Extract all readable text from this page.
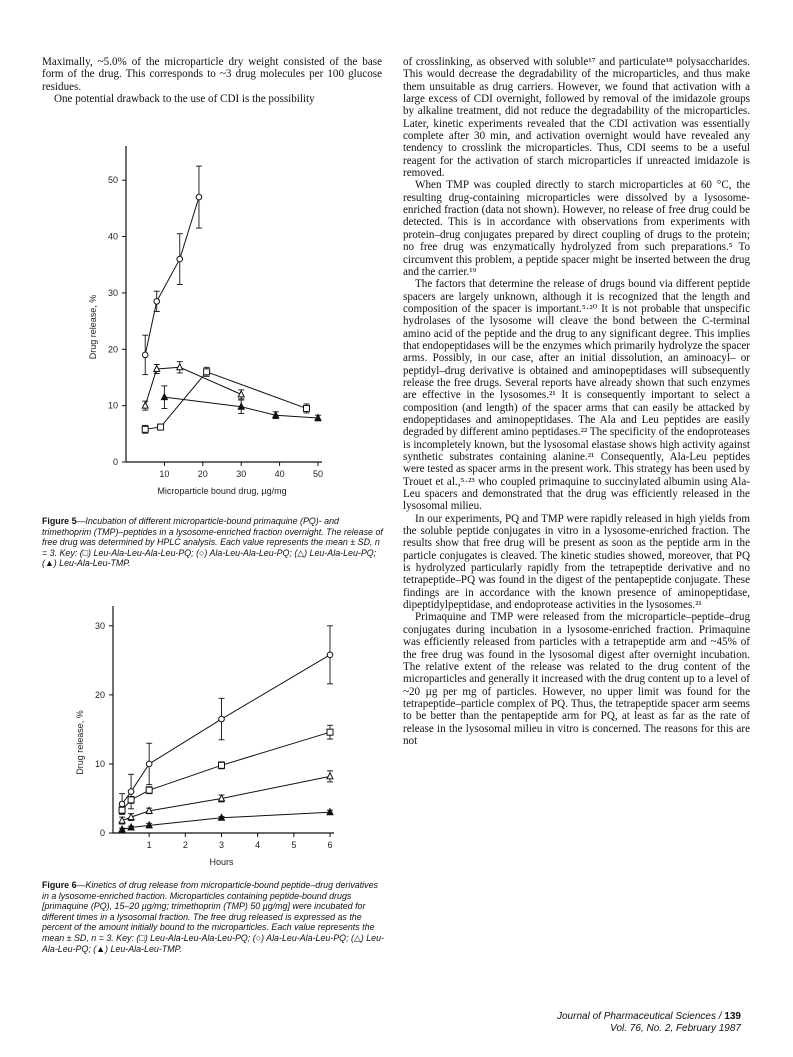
Maximally, ~5.0% of the microparticle dry weight consisted of the base form of the drug. This corresponds to ~3 drug molecules per 100 glucose residues.

One potential drawback to the use of CDI is the possibility

10	20	30	40	50
0
10
20
30
40
50
Microparticle bound drug, µg/mg
Drug release, %
Figure 5—Incubation of different microparticle-bound primaquine (PQ)- and trimethoprim (TMP)–peptides in a lysosome-enriched fraction overnight. The release of free drug was determined by HPLC analysis. Each value represents the mean ± SD, n = 3. Key: (□) Leu-Ala-Leu-Ala-Leu-PQ; (○) Ala-Leu-Ala-Leu-PQ; (△) Leu-Ala-Leu-PQ; (▲) Leu-Ala-Leu-TMP.
1	2	3	4	5	6
0
10
20
30
Hours
Drug release, %
Figure 6—Kinetics of drug release from microparticle-bound peptide–drug derivatives in a lysosome-enriched fraction. Microparticles containing peptide-bound drugs [primaquine (PQ), 15–20 µg/mg; trimethoprim (TMP) 50 µg/mg] were incubated for different times in a lysosomal fraction. The free drug released is expressed as the percent of the amount initially bound to the microparticles. Each value represents the mean ± SD, n = 3. Key: (□) Leu-Ala-Leu-Ala-Leu-PQ; (○) Ala-Leu-Ala-Leu-PQ; (△) Leu-Ala-Leu-PQ; (▲) Leu-Ala-Leu-TMP.

of crosslinking, as observed with soluble¹⁷ and particulate¹⁸ polysaccharides. This would decrease the degradability of the microparticles, and thus make them unsuitable as drug carriers. However, we found that activation with a large excess of CDI overnight, followed by removal of the imidazole groups by alkaline treatment, did not reduce the degradability of the microparticles. Later, kinetic experiments revealed that the CDI activation was essentially complete after 30 min, and activation overnight would have revealed any tendency to crosslink the microparticles. Thus, CDI seems to be a useful reagent for the activation of starch microparticles if unreacted imidazole is removed.

When TMP was coupled directly to starch microparticles at 60 °C, the resulting drug-containing microparticles were dissolved by a lysosome-enriched fraction (data not shown). However, no release of free drug could be detected. This is in accordance with observations from experiments with protein–drug conjugates prepared by direct coupling of drugs to the protein; no free drug was enzymatically hydrolyzed from such preparations.⁵ To circumvent this problem, a peptide spacer might be inserted between the drug and the carrier.¹⁹

The factors that determine the release of drugs bound via different peptide spacers are largely unknown, although it is recognized that the length and composition of the spacer is important.⁵·²⁰ It is not probable that unspecific hydrolases of the lysosome will cleave the bond between the C-terminal amino acid of the peptide and the drug to any significant degree. This implies that endopeptidases will be the enzymes which primarily hydrolyze the spacer arms. Possibly, in our case, after an initial dissolution, an aminoacyl– or peptidyl–drug derivative is obtained and aminopeptidases will subsequently release the free drugs. Several reports have already shown that such enzymes are effective in the lysosomes.²¹ It is consequently important to select a composition (and length) of the spacer arms that can easily be attacked by endopeptidases and aminopeptidases. The Ala and Leu peptides are easily degraded by different amino peptidases.²² The specificity of the endoproteases is incompletely known, but the lysosomal elastase shows high activity against synthetic substrates containing alanine.²¹ Consequently, Ala-Leu peptides were tested as spacer arms in the present work. This strategy has been used by Trouet et al.,⁵·²³ who coupled primaquine to succinylated albumin using Ala-Leu spacers and demonstrated that the drug was efficiently released in the lysosomal milieu.

In our experiments, PQ and TMP were rapidly released in high yields from the soluble peptide conjugates in vitro in a lysosome-enriched fraction. The results show that free drug will be present as soon as the peptide arm in the particle conjugates is cleaved. The kinetic studies showed, moreover, that PQ is hydrolyzed particularly rapidly from the tetrapeptide derivative and no tetrapeptide–PQ was found in the digest of the pentapeptide conjugate. These findings are in accordance with the known presence of aminopeptidase, dipeptidylpeptidase, and endoprotease activities in the lysosomes.²¹

Primaquine and TMP were released from the microparticle–peptide–drug conjugates during incubation in a lysosome-enriched fraction. Primaquine was efficiently released from particles with a tetrapeptide arm and ~45% of the free drug was found in the lysosomal digest after overnight incubation. The relative extent of the release was related to the drug content of the microparticles and generally it increased with the drug content up to a level of ~20 µg per mg of particles. However, no upper limit was found for the tetrapeptide–particle complex of PQ. Thus, the tetrapeptide spacer arm seems to be better than the pentapeptide arm for PQ, at least as far as the rate of release in the lysosomal milieu in vitro is concerned. The reasons for this are not

Journal of Pharmaceutical Sciences / 139
Vol. 76, No. 2, February 1987
